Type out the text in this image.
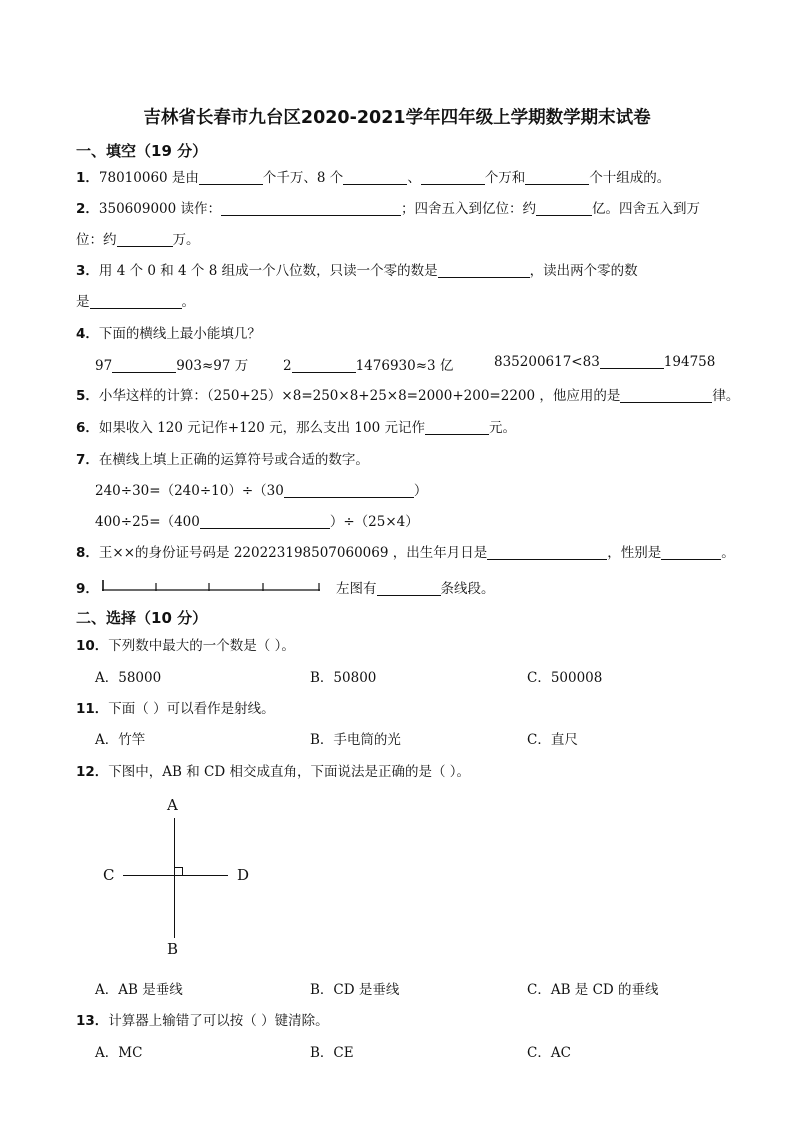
吉林省长春市九台区2020-2021学年四年级上学期数学期末试卷
一、填空（19 分）
1．78010060 是由	个千万、8 个	、	个万和	个十组成的。
2．350609000 读作：	；四舍五入到亿位：约	亿。四舍五入到万
位：约	万。
3．用 4 个 0 和 4 个 8 组成一个八位数，只读一个零的数是	，读出两个零的数
是	。
4．下面的横线上最小能填几？
97	903≈97 万	2	1476930≈3 亿	835200617<83	194758
5．小华这样的计算：（250+25）×8=250×8+25×8=2000+200=2200 ，他应用的是	律。
6．如果收入 120 元记作+120 元，那么支出 100 元记作	元。
7．在横线上填上正确的运算符号或合适的数字。
240÷30=（240÷10）÷（30	）
400÷25=（400	）÷（25×4）
8．王××的身份证号码是 220223198507060069 ，出生年月日是	，性别是	。
9．	左图有	条线段。
二、选择（10 分）
10．下列数中最大的一个数是（ ）。
A．58000	B．50800	C．500008
11．下面（ ）可以看作是射线。
A．竹竿	B．手电筒的光	C．直尺
12．下图中，AB 和 CD 相交成直角，下面说法是正确的是（ ）。
A
B
C	D
A．AB 是垂线	B．CD 是垂线	C．AB 是 CD 的垂线
13．计算器上输错了可以按（ ）键清除。
A．MC	B．CE	C．AC
